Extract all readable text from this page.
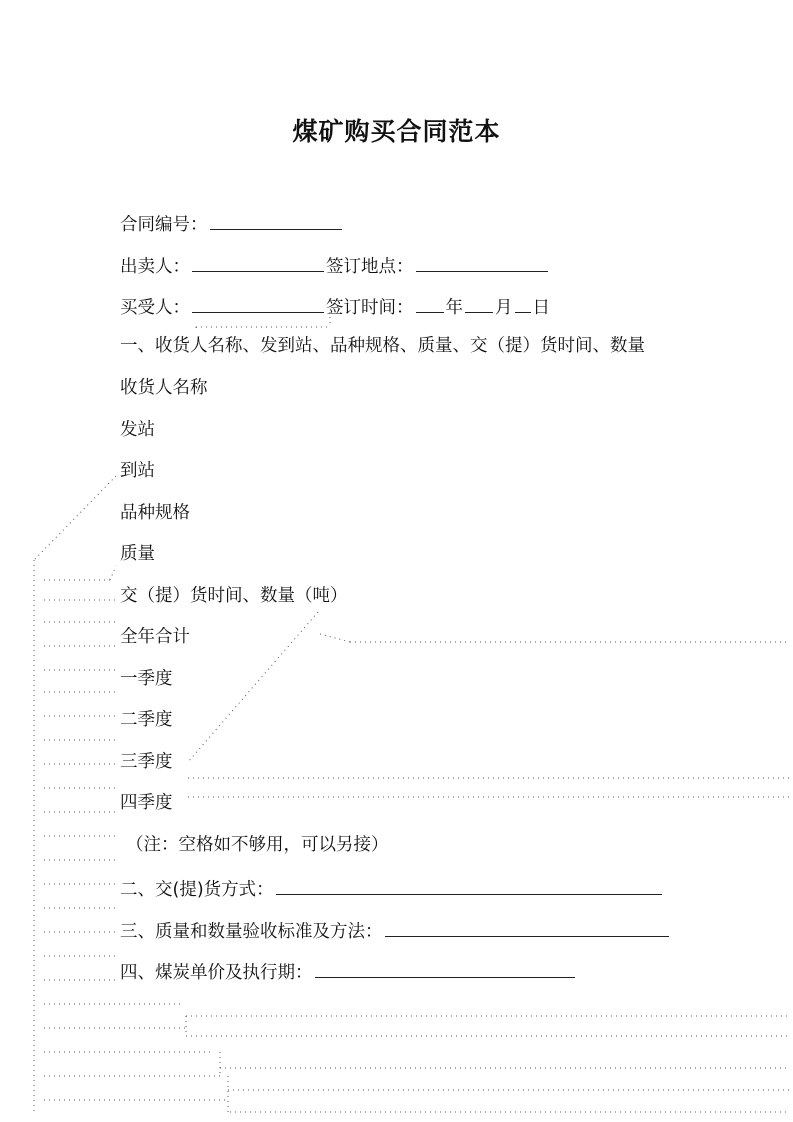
煤矿购买合同范本
合同编号：
出卖人：	签订地点：
买受人：	签订时间： 年 月 日
一、收货人名称、发到站、品种规格、质量、交（提）货时间、数量
收货人名称
发站
到站
品种规格
质量
交（提）货时间、数量（吨）
全年合计
一季度
二季度
三季度
四季度
（注：空格如不够用，可以另接）
二、交(提)货方式：
三、质量和数量验收标准及方法：
四、煤炭单价及执行期：
